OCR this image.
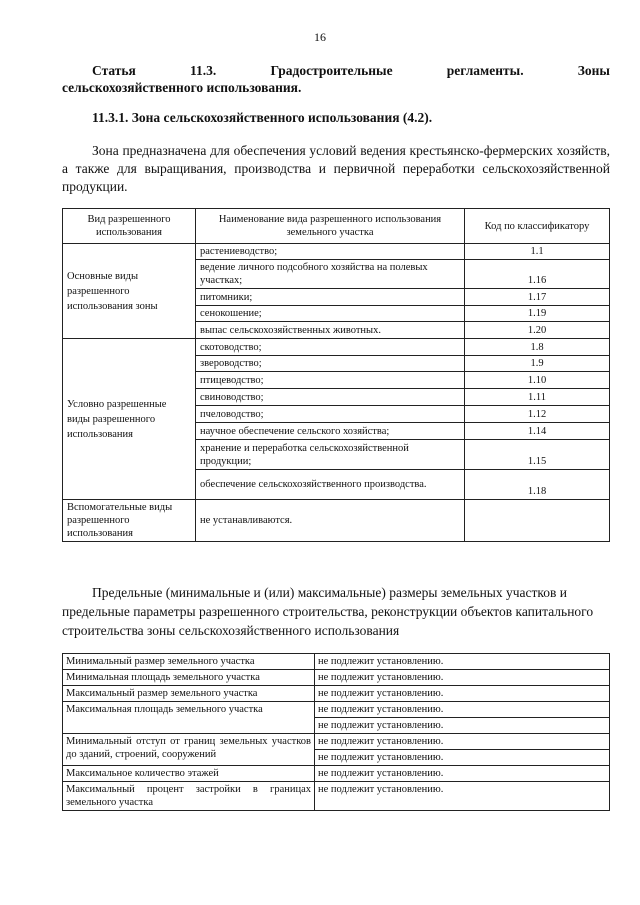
16
Статья	11.3.	Градостроительные	регламенты.	Зоны
сельскохозяйственного использования.
11.3.1. Зона сельскохозяйственного использования (4.2).
Зона предназначена для обеспечения условий ведения крестьянско-фермерских хозяйств, а также для выращивания, производства и первичной переработки сельскохозяйственной продукции.
Вид разрешенного использования	Наименование вида разрешенного использования земельного участка	Код по классификатору
Основные виды разрешенного использования зоны	растениеводство;	1.1
	ведение личного подсобного хозяйства на полевых участках;	1.16
	питомники;	1.17
	сенокошение;	1.19
	выпас сельскохозяйственных животных.	1.20
Условно разрешенные виды разрешенного использования	скотоводство;	1.8
	звероводство;	1.9
	птицеводство;	1.10
	свиноводство;	1.11
	пчеловодство;	1.12
	научное обеспечение сельского хозяйства;	1.14
	хранение и переработка сельскохозяйственной продукции;	1.15
	обеспечение сельскохозяйственного производства.	1.18
Вспомогательные виды разрешенного использования	не устанавливаются.	
Предельные (минимальные и (или) максимальные) размеры земельных участков и предельные параметры разрешенного строительства, реконструкции объектов капитального строительства зоны сельскохозяйственного использования
Минимальный размер земельного участка	не подлежит установлению.
Минимальная площадь земельного участка	не подлежит установлению.
Максимальный размер земельного участка	не подлежит установлению.
Максимальная площадь земельного участка	не подлежит установлению.
	не подлежит установлению.
Минимальный отступ от границ земельных участков до зданий, строений, сооружений	не подлежит установлению.
	не подлежит установлению.
Максимальное количество этажей	не подлежит установлению.
Максимальный процент застройки в границах земельного участка	не подлежит установлению.
